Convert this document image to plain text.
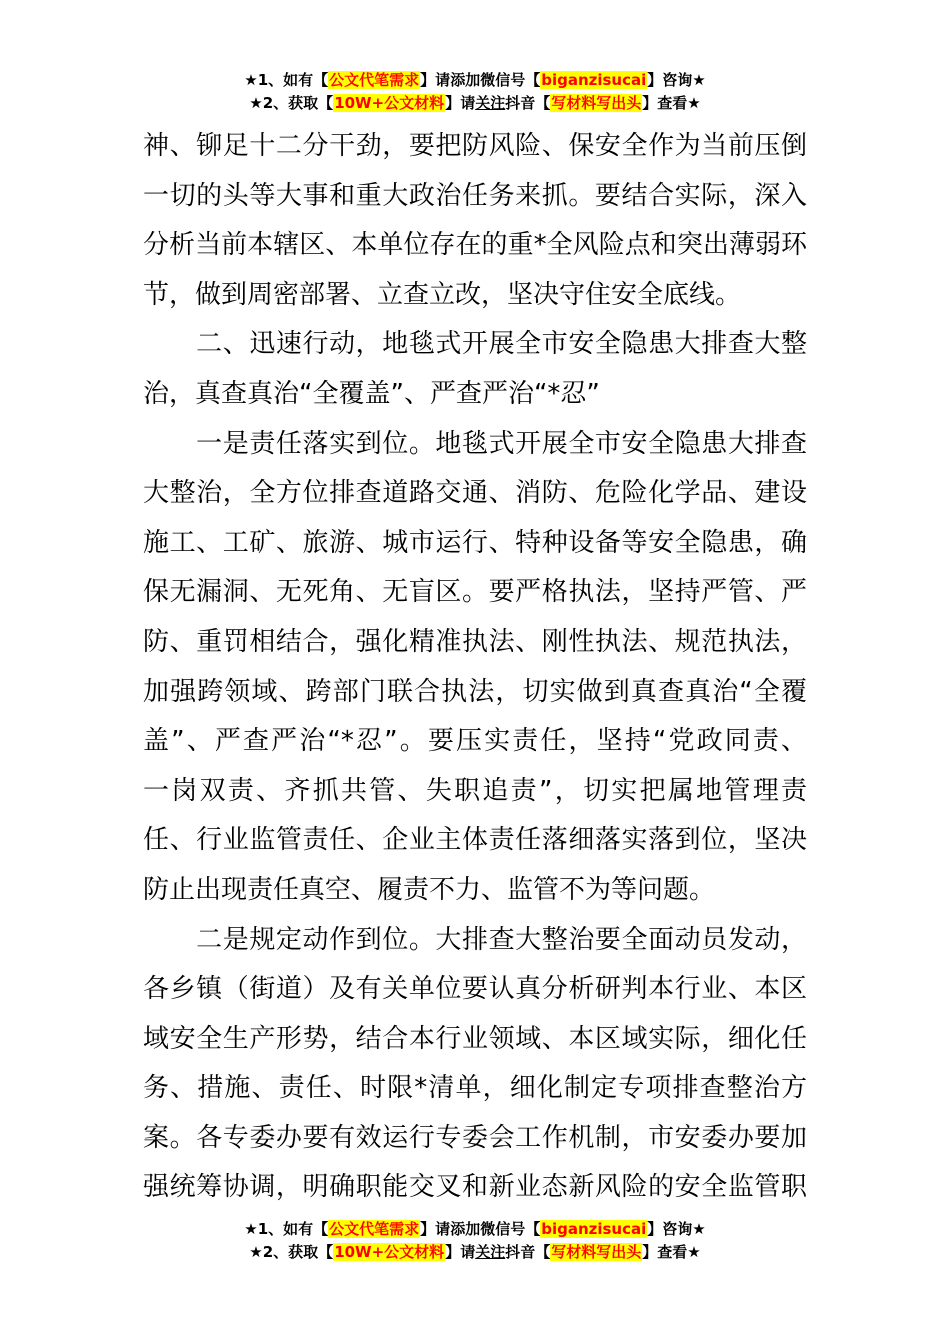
★1、如有【公文代笔需求】请添加微信号【biganzisucai】咨询★
★2、获取【10W+公文材料】请关注抖音【写材料写出头】查看★
神、铆足十二分干劲，要把防风险、保安全作为当前压倒
一切的头等大事和重大政治任务来抓。要结合实际，深入
分析当前本辖区、本单位存在的重*全风险点和突出薄弱环
节，做到周密部署、立查立改，坚决守住安全底线。
　　二、迅速行动，地毯式开展全市安全隐患大排查大整
治，真查真治“全覆盖”、严查严治“*忍”
　　一是责任落实到位。地毯式开展全市安全隐患大排查
大整治，全方位排查道路交通、消防、危险化学品、建设
施工、工矿、旅游、城市运行、特种设备等安全隐患，确
保无漏洞、无死角、无盲区。要严格执法，坚持严管、严
防、重罚相结合，强化精准执法、刚性执法、规范执法，
加强跨领域、跨部门联合执法，切实做到真查真治“全覆
盖”、严查严治“*忍”。要压实责任，坚持“党政同责、
一岗双责、齐抓共管、失职追责”，切实把属地管理责
任、行业监管责任、企业主体责任落细落实落到位，坚决
防止出现责任真空、履责不力、监管不为等问题。
　　二是规定动作到位。大排查大整治要全面动员发动，
各乡镇（街道）及有关单位要认真分析研判本行业、本区
域安全生产形势，结合本行业领域、本区域实际，细化任
务、措施、责任、时限*清单，细化制定专项排查整治方
案。各专委办要有效运行专委会工作机制，市安委办要加
强统筹协调，明确职能交叉和新业态新风险的安全监管职
★1、如有【公文代笔需求】请添加微信号【biganzisucai】咨询★
★2、获取【10W+公文材料】请关注抖音【写材料写出头】查看★
